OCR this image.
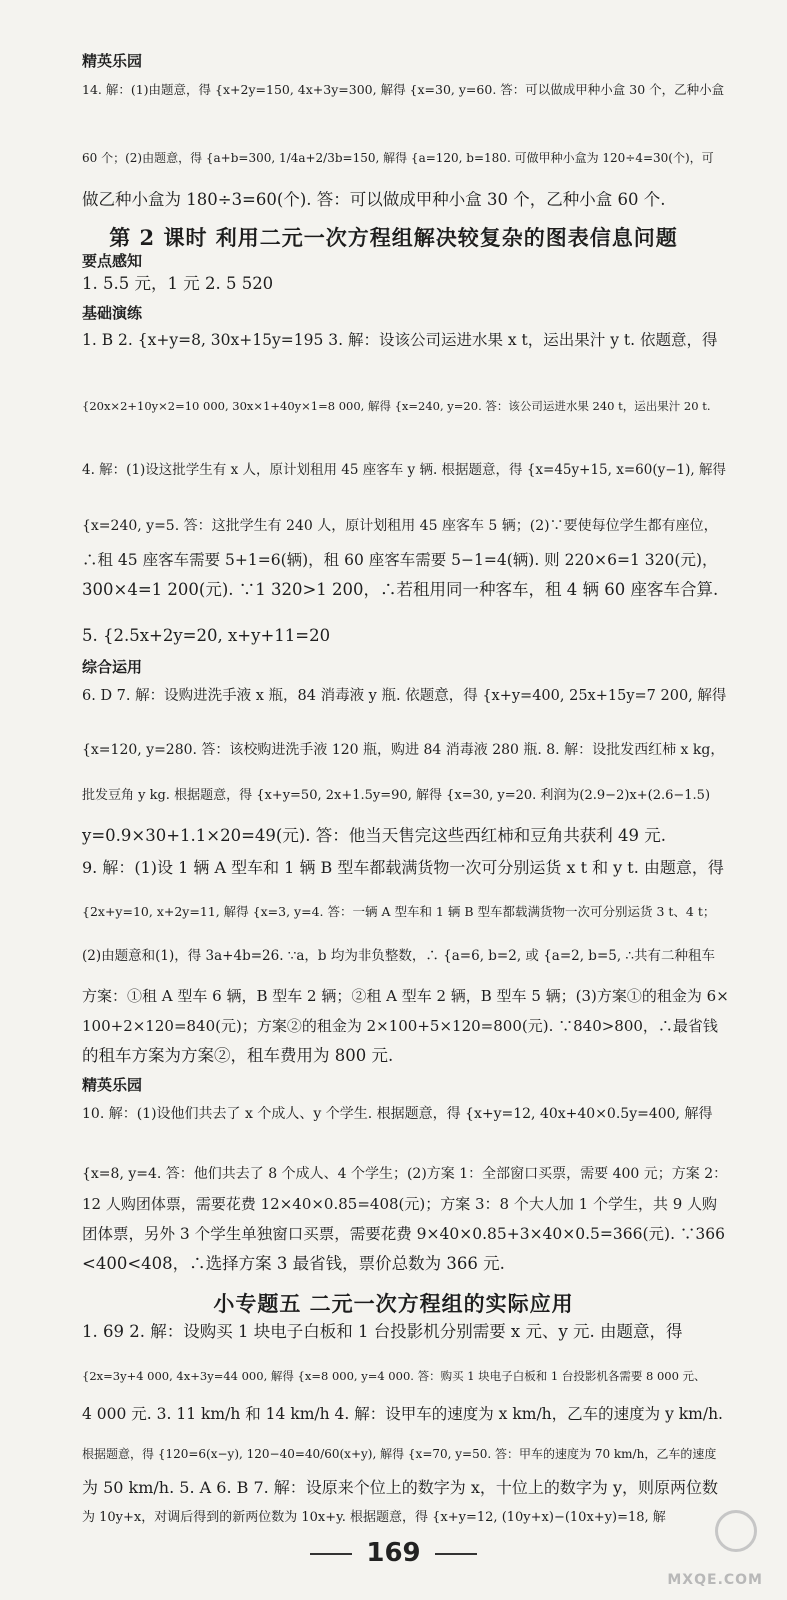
精英乐园
14. 解：(1)由题意，得 {x+2y=150, 4x+3y=300, 解得 {x=30, y=60. 答：可以做成甲种小盒 30 个，乙种小盒
60 个；(2)由题意，得 {a+b=300, 1/4a+2/3b=150, 解得 {a=120, b=180. 可做甲种小盒为 120÷4=30(个)，可
做乙种小盒为 180÷3=60(个). 答：可以做成甲种小盒 30 个，乙种小盒 60 个.
第 2 课时 利用二元一次方程组解决较复杂的图表信息问题
要点感知
1. 5.5 元，1 元 2. 5 520
基础演练
1. B 2. {x+y=8, 30x+15y=195 3. 解：设该公司运进水果 x t，运出果汁 y t. 依题意，得
{20x×2+10y×2=10 000, 30x×1+40y×1=8 000, 解得 {x=240, y=20. 答：该公司运进水果 240 t，运出果汁 20 t.
4. 解：(1)设这批学生有 x 人，原计划租用 45 座客车 y 辆. 根据题意，得 {x=45y+15, x=60(y−1), 解得
{x=240, y=5. 答：这批学生有 240 人，原计划租用 45 座客车 5 辆；(2)∵要使每位学生都有座位，
∴租 45 座客车需要 5+1=6(辆)，租 60 座客车需要 5−1=4(辆). 则 220×6=1 320(元)，
300×4=1 200(元). ∵1 320>1 200，∴若租用同一种客车，租 4 辆 60 座客车合算.
5. {2.5x+2y=20, x+y+11=20
综合运用
6. D 7. 解：设购进洗手液 x 瓶，84 消毒液 y 瓶. 依题意，得 {x+y=400, 25x+15y=7 200, 解得
{x=120, y=280. 答：该校购进洗手液 120 瓶，购进 84 消毒液 280 瓶. 8. 解：设批发西红柿 x kg，
批发豆角 y kg. 根据题意，得 {x+y=50, 2x+1.5y=90, 解得 {x=30, y=20. 利润为(2.9−2)x+(2.6−1.5)
y=0.9×30+1.1×20=49(元). 答：他当天售完这些西红柿和豆角共获利 49 元.
9. 解：(1)设 1 辆 A 型车和 1 辆 B 型车都载满货物一次可分别运货 x t 和 y t. 由题意，得
{2x+y=10, x+2y=11, 解得 {x=3, y=4. 答：一辆 A 型车和 1 辆 B 型车都载满货物一次可分别运货 3 t、4 t；
(2)由题意和(1)，得 3a+4b=26. ∵a，b 均为非负整数，∴ {a=6, b=2, 或 {a=2, b=5, ∴共有二种租车
方案：①租 A 型车 6 辆，B 型车 2 辆；②租 A 型车 2 辆，B 型车 5 辆；(3)方案①的租金为 6×
100+2×120=840(元)；方案②的租金为 2×100+5×120=800(元). ∵840>800，∴最省钱
的租车方案为方案②，租车费用为 800 元.
精英乐园
10. 解：(1)设他们共去了 x 个成人、y 个学生. 根据题意，得 {x+y=12, 40x+40×0.5y=400, 解得
{x=8, y=4. 答：他们共去了 8 个成人、4 个学生；(2)方案 1：全部窗口买票，需要 400 元；方案 2：
12 人购团体票，需要花费 12×40×0.85=408(元)；方案 3：8 个大人加 1 个学生，共 9 人购
团体票，另外 3 个学生单独窗口买票，需要花费 9×40×0.85+3×40×0.5=366(元). ∵366
<400<408，∴选择方案 3 最省钱，票价总数为 366 元.
小专题五 二元一次方程组的实际应用
1. 69 2. 解：设购买 1 块电子白板和 1 台投影机分别需要 x 元、y 元. 由题意，得
{2x=3y+4 000, 4x+3y=44 000, 解得 {x=8 000, y=4 000. 答：购买 1 块电子白板和 1 台投影机各需要 8 000 元、
4 000 元. 3. 11 km/h 和 14 km/h 4. 解：设甲车的速度为 x km/h，乙车的速度为 y km/h.
根据题意，得 {120=6(x−y), 120−40=40/60(x+y), 解得 {x=70, y=50. 答：甲车的速度为 70 km/h，乙车的速度
为 50 km/h. 5. A 6. B 7. 解：设原来个位上的数字为 x，十位上的数字为 y，则原两位数
为 10y+x，对调后得到的新两位数为 10x+y. 根据题意，得 {x+y=12, (10y+x)−(10x+y)=18, 解
169
MXQE.COM
